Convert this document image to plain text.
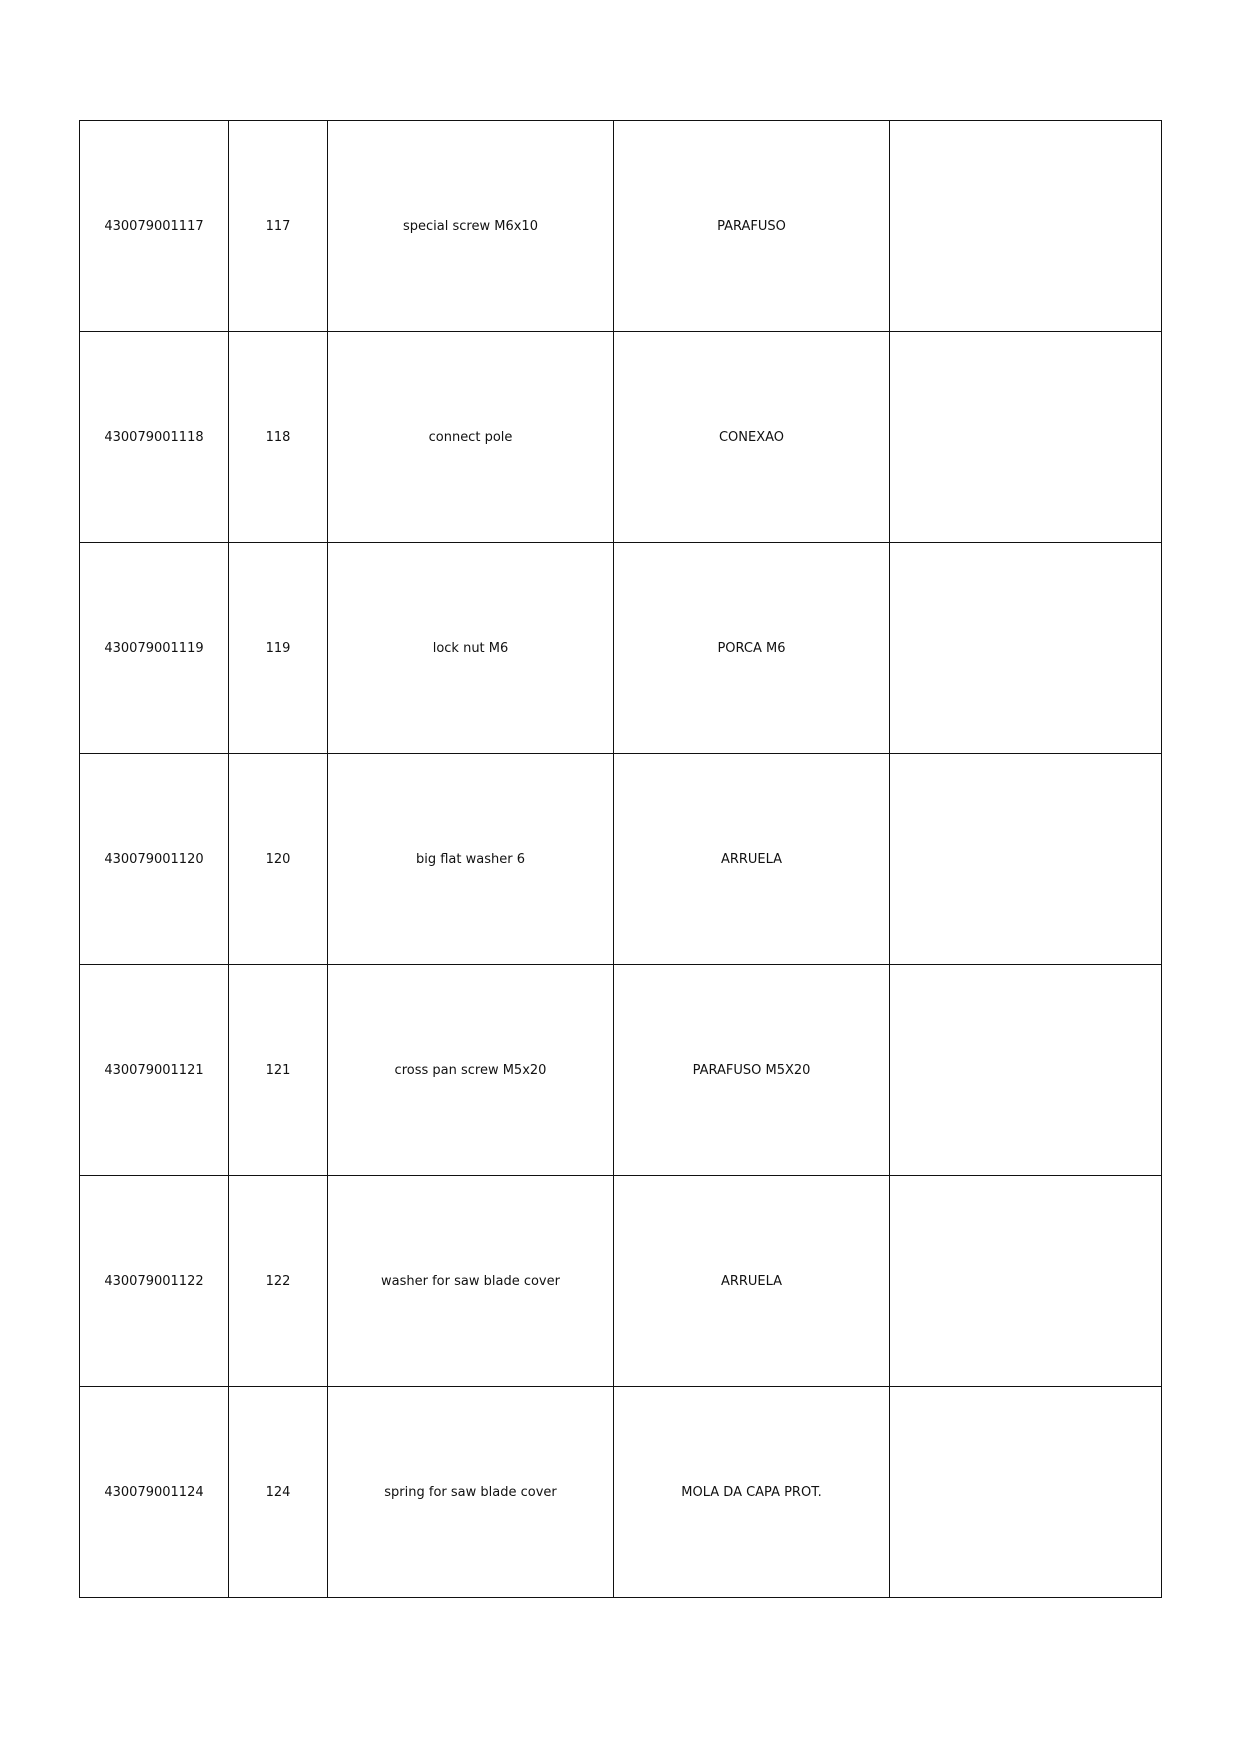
430079001117	117	special screw M6x10	PARAFUSO	
430079001118	118	connect pole	CONEXAO	
430079001119	119	lock nut M6	PORCA M6	
430079001120	120	big flat washer 6	ARRUELA	
430079001121	121	cross pan screw M5x20	PARAFUSO M5X20	
430079001122	122	washer for saw blade cover	ARRUELA	
430079001124	124	spring for saw blade cover	MOLA DA CAPA PROT.	
